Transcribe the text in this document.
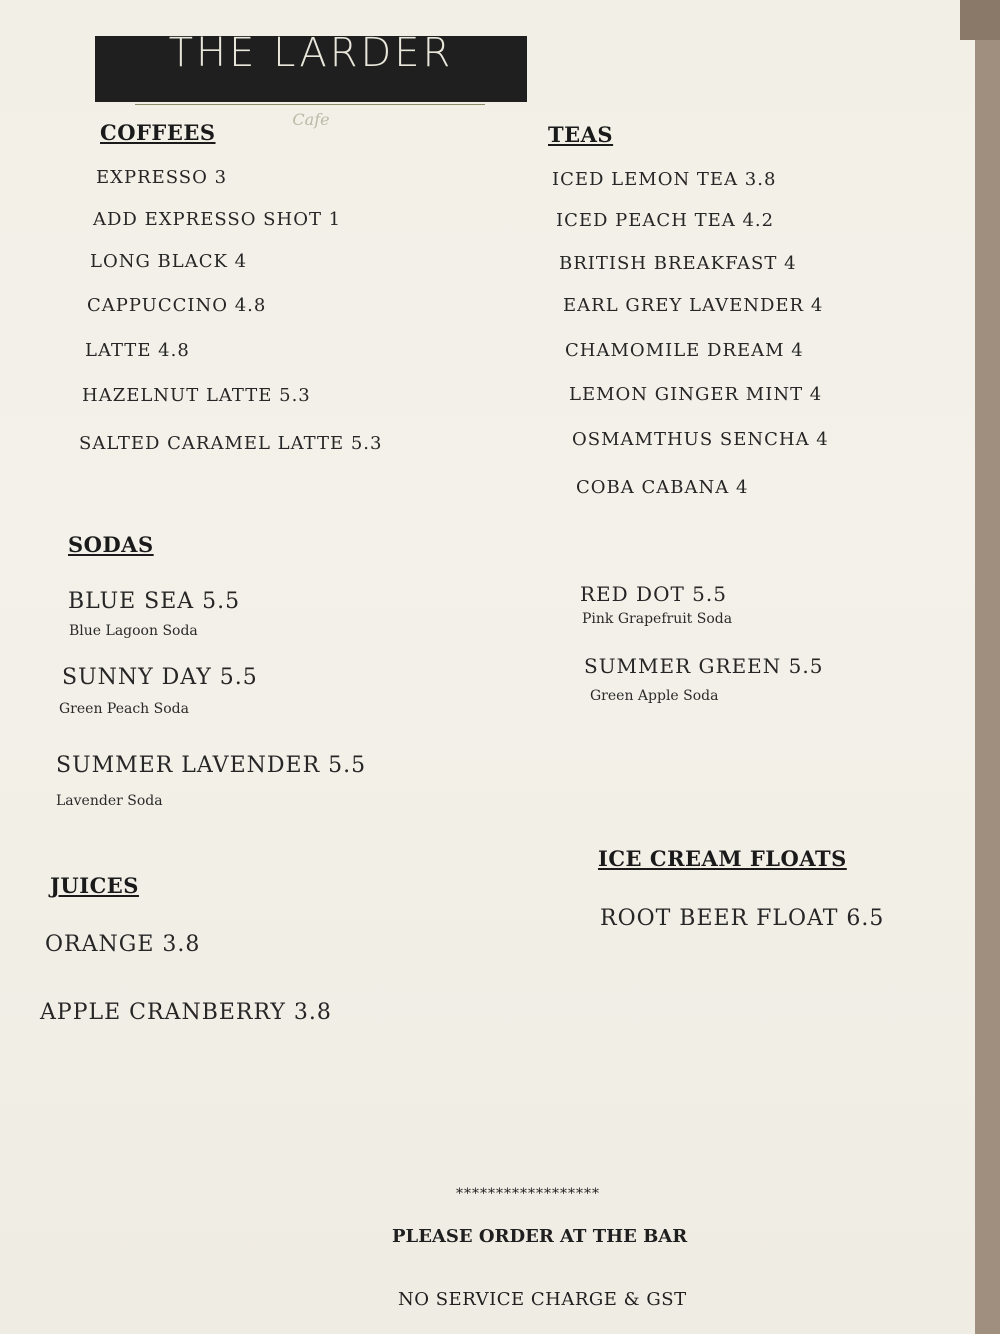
THE LARDER
Cafe
COFFEES
EXPRESSO 3
ADD EXPRESSO SHOT 1
LONG BLACK 4
CAPPUCCINO 4.8
LATTE 4.8
HAZELNUT LATTE 5.3
SALTED CARAMEL LATTE 5.3
TEAS
ICED LEMON TEA 3.8
ICED PEACH TEA 4.2
BRITISH BREAKFAST 4
EARL GREY LAVENDER 4
CHAMOMILE DREAM 4
LEMON GINGER MINT 4
OSMAMTHUS SENCHA 4
COBA CABANA 4
SODAS
BLUE SEA 5.5
Blue Lagoon Soda
SUNNY DAY 5.5
Green Peach Soda
SUMMER LAVENDER 5.5
Lavender Soda
RED DOT 5.5
Pink Grapefruit Soda
SUMMER GREEN 5.5
Green Apple Soda
JUICES
ORANGE 3.8
APPLE CRANBERRY 3.8
ICE CREAM FLOATS
ROOT BEER FLOAT 6.5
******************
PLEASE ORDER AT THE BAR
NO SERVICE CHARGE & GST
